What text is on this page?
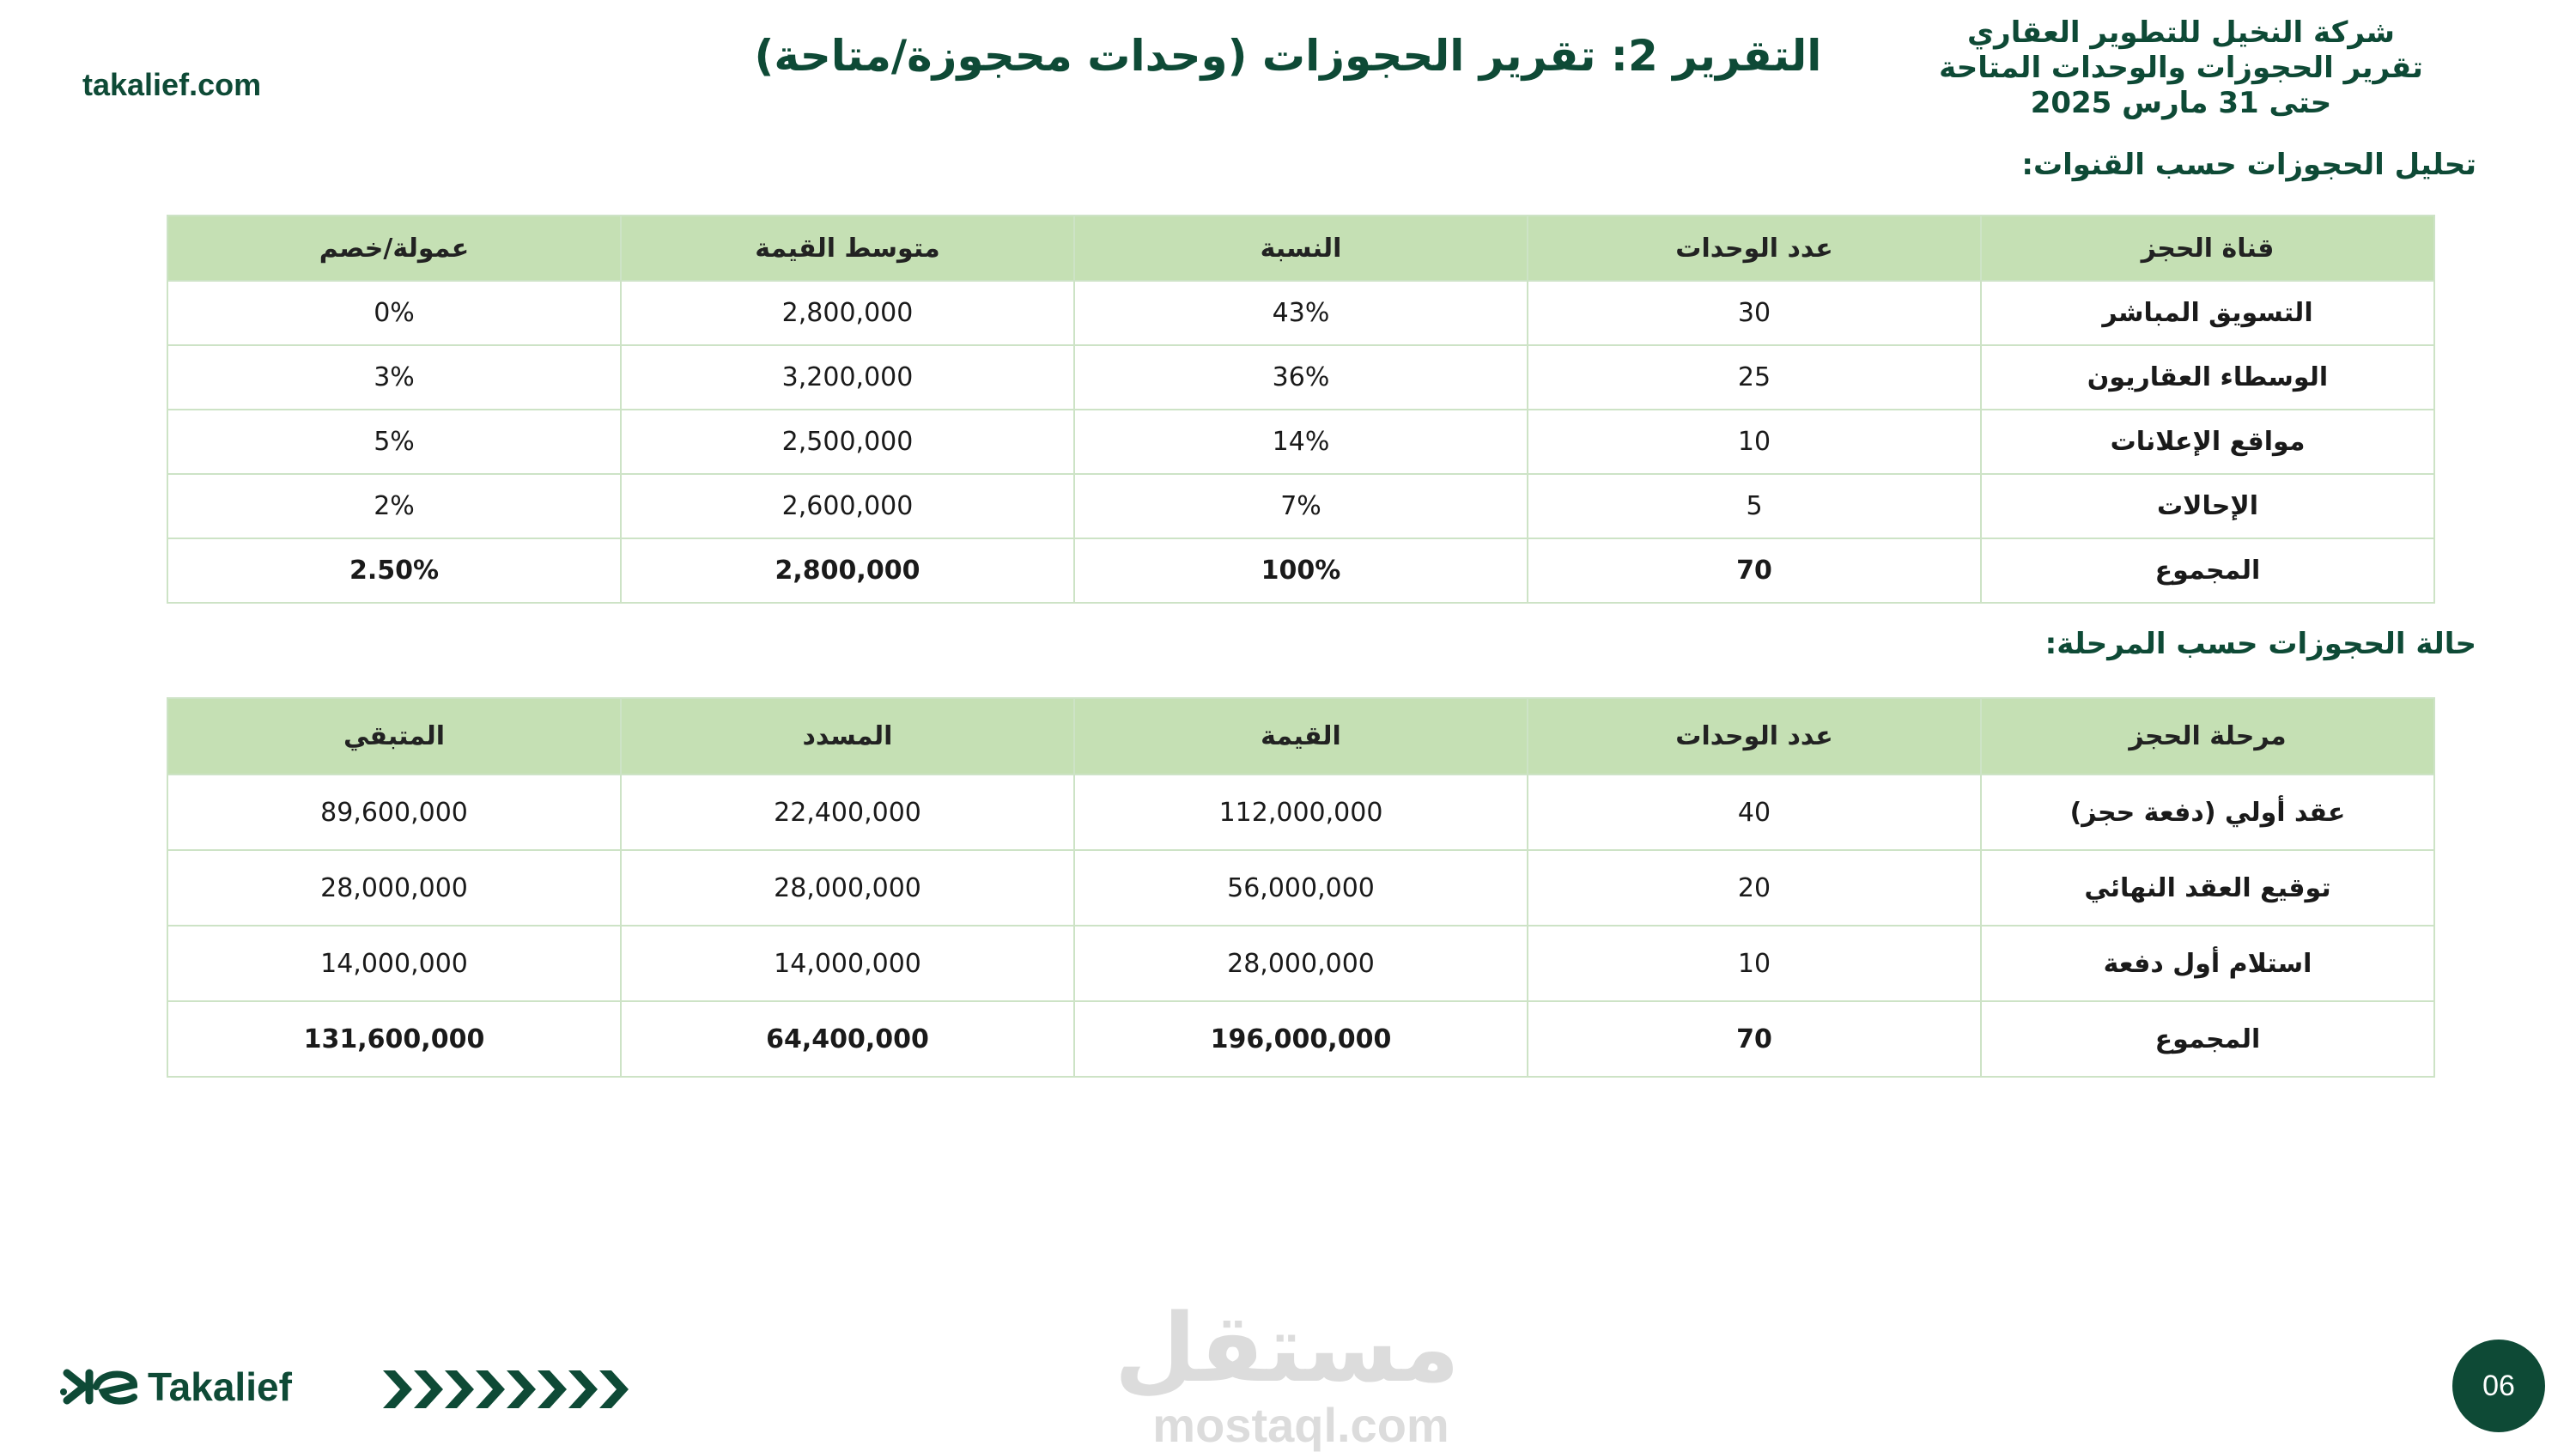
takalief.com
التقرير 2: تقرير الحجوزات (وحدات محجوزة/متاحة)	شركة النخيل للتطوير العقاري
تقرير الحجوزات والوحدات المتاحة
حتى 31 مارس 2025
تحليل الحجوزات حسب القنوات:
قناة الحجز	عدد الوحدات	النسبة	متوسط القيمة	عمولة/خصم
التسويق المباشر	30	43%	2,800,000	0%
الوسطاء العقاريون	25	36%	3,200,000	3%
مواقع الإعلانات	10	14%	2,500,000	5%
الإحالات	5	7%	2,600,000	2%
المجموع	70	100%	2,800,000	2.50%
حالة الحجوزات حسب المرحلة:
مرحلة الحجز	عدد الوحدات	القيمة	المسدد	المتبقي
عقد أولي (دفعة حجز)	40	112,000,000	22,400,000	89,600,000
توقيع العقد النهائي	20	56,000,000	28,000,000	28,000,000
استلام أول دفعة	10	28,000,000	14,000,000	14,000,000
المجموع	70	196,000,000	64,400,000	131,600,000
Takalief	مستقل
mostaql.com
06
